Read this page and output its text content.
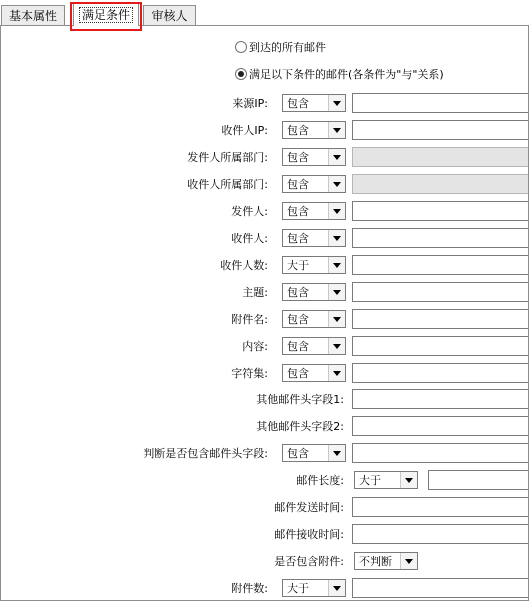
基本属性	满足条件	审核人
到达的所有邮件
满足以下条件的邮件(各条件为"与"关系)
来源IP: 包含
收件人IP: 包含
发件人所属部门: 包含
收件人所属部门: 包含
发件人: 包含
收件人: 包含
收件人数: 大于
主题: 包含
附件名: 包含
内容: 包含
字符集: 包含
其他邮件头字段1:
其他邮件头字段2:
判断是否包含邮件头字段: 包含
邮件长度: 大于
邮件发送时间:
邮件接收时间:
是否包含附件: 不判断
附件数: 大于
